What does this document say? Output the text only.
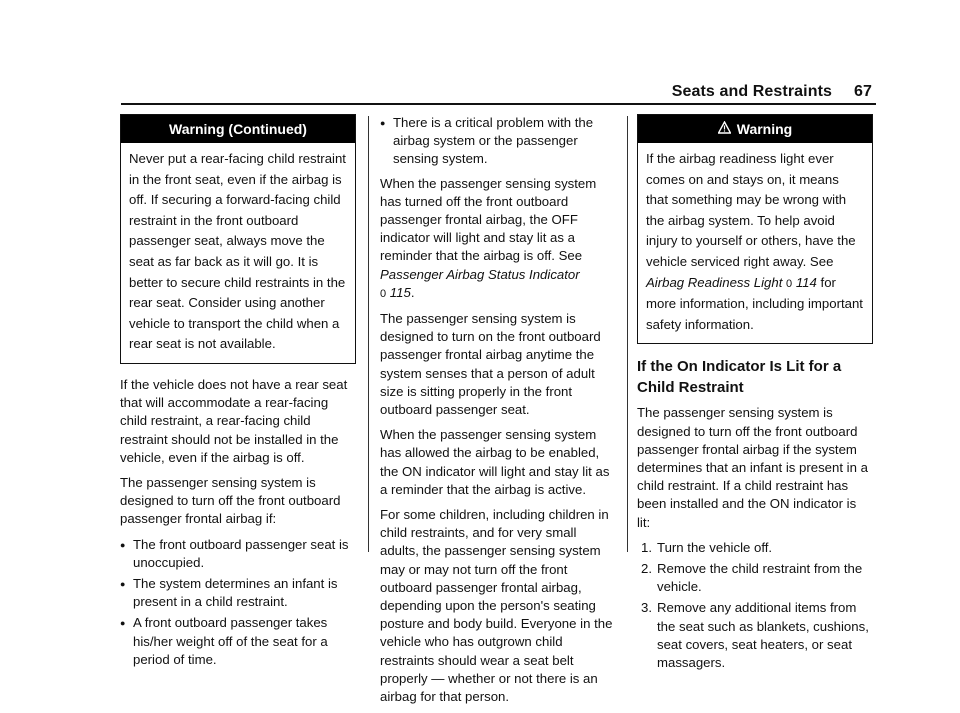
Seats and Restraints 67
Warning (Continued)
Never put a rear-facing child restraint in the front seat, even if the airbag is off. If securing a forward-facing child restraint in the front outboard passenger seat, always move the seat as far back as it will go. It is better to secure child restraints in the rear seat. Consider using another vehicle to transport the child when a rear seat is not available.

If the vehicle does not have a rear seat that will accommodate a rear-facing child restraint, a rear-facing child restraint should not be installed in the vehicle, even if the airbag is off.

The passenger sensing system is designed to turn off the front outboard passenger frontal airbag if:

● The front outboard passenger seat is unoccupied.
● The system determines an infant is present in a child restraint.
● A front outboard passenger takes his/her weight off of the seat for a period of time.
● There is a critical problem with the airbag system or the passenger sensing system.

When the passenger sensing system has turned off the front outboard passenger frontal airbag, the OFF indicator will light and stay lit as a reminder that the airbag is off. See Passenger Airbag Status Indicator
0 115.

The passenger sensing system is designed to turn on the front outboard passenger frontal airbag anytime the system senses that a person of adult size is sitting properly in the front outboard passenger seat.

When the passenger sensing system has allowed the airbag to be enabled, the ON indicator will light and stay lit as a reminder that the airbag is active.

For some children, including children in child restraints, and for very small adults, the passenger sensing system may or may not turn off the front outboard passenger frontal airbag, depending upon the person's seating posture and body build. Everyone in the vehicle who has outgrown child restraints should wear a seat belt properly — whether or not there is an airbag for that person.

Warning
If the airbag readiness light ever comes on and stays on, it means that something may be wrong with the airbag system. To help avoid injury to yourself or others, have the vehicle serviced right away. See Airbag Readiness Light 0 114 for more information, including important safety information.
If the On Indicator Is Lit for a Child Restraint

The passenger sensing system is designed to turn off the front outboard passenger frontal airbag if the system determines that an infant is present in a child restraint. If a child restraint has been installed and the ON indicator is lit:

1. Turn the vehicle off.
2. Remove the child restraint from the vehicle.
3. Remove any additional items from the seat such as blankets, cushions, seat covers, seat heaters, or seat massagers.
